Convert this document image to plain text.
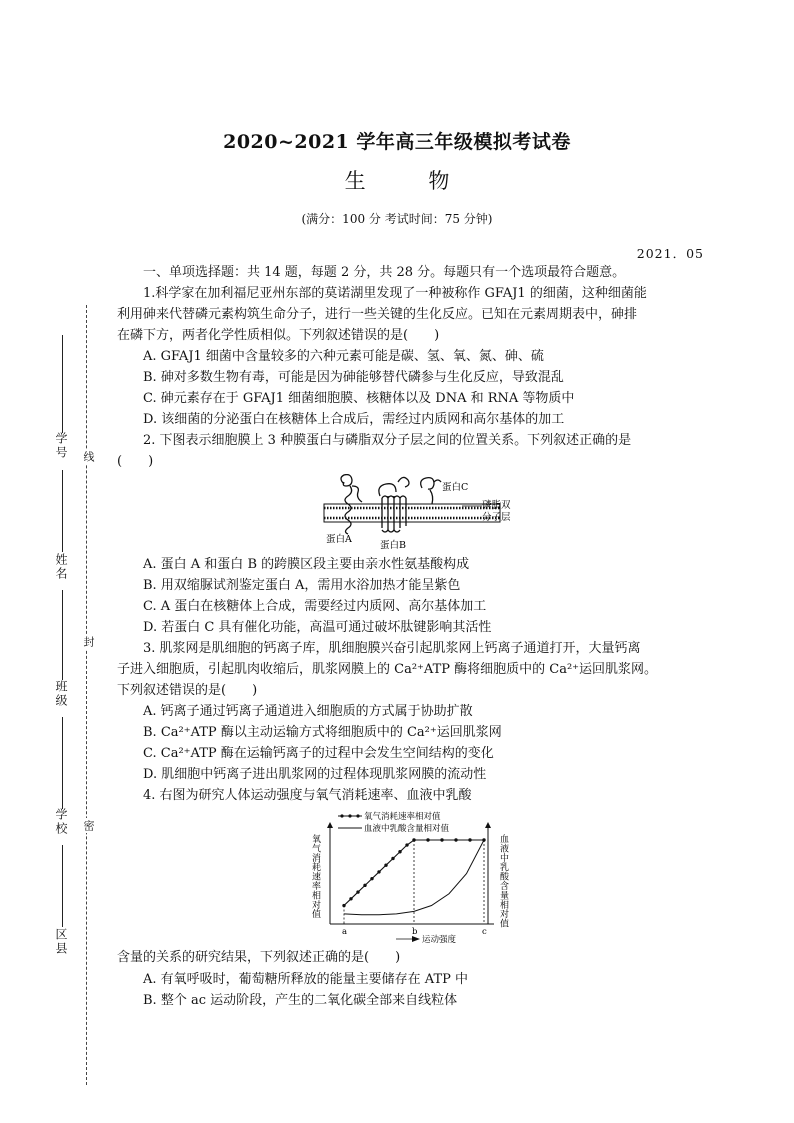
2020~2021 学年高三年级模拟考试卷
生 物
(满分：100 分 考试时间：75 分钟)
2021．05
学号
姓名
班级
学校
区县
线
封
密
一、单项选择题：共 14 题，每题 2 分，共 28 分。每题只有一个选项最符合题意。
1.科学家在加利福尼亚州东部的莫诺湖里发现了一种被称作 GFAJ1 的细菌，这种细菌能
利用砷来代替磷元素构筑生命分子，进行一些关键的生化反应。已知在元素周期表中，砷排
在磷下方，两者化学性质相似。下列叙述错误的是(　　)
A. GFAJ1 细菌中含量较多的六种元素可能是碳、氢、氧、氮、砷、硫
B. 砷对多数生物有毒，可能是因为砷能够替代磷参与生化反应，导致混乱
C. 砷元素存在于 GFAJ1 细菌细胞膜、核糖体以及 DNA 和 RNA 等物质中
D. 该细菌的分泌蛋白在核糖体上合成后，需经过内质网和高尔基体的加工
2. 下图表示细胞膜上 3 种膜蛋白与磷脂双分子层之间的位置关系。下列叙述正确的是
(　　)
蛋白C
磷脂双
分子层
蛋白A
蛋白B
A. 蛋白 A 和蛋白 B 的跨膜区段主要由亲水性氨基酸构成
B. 用双缩脲试剂鉴定蛋白 A，需用水浴加热才能呈紫色
C. A 蛋白在核糖体上合成，需要经过内质网、高尔基体加工
D. 若蛋白 C 具有催化功能，高温可通过破坏肽键影响其活性
3. 肌浆网是肌细胞的钙离子库，肌细胞膜兴奋引起肌浆网上钙离子通道打开，大量钙离
子进入细胞质，引起肌肉收缩后，肌浆网膜上的 Ca²⁺ATP 酶将细胞质中的 Ca²⁺运回肌浆网。
下列叙述错误的是(　　)
A. 钙离子通过钙离子通道进入细胞质的方式属于协助扩散
B. Ca²⁺ATP 酶以主动运输方式将细胞质中的 Ca²⁺运回肌浆网
C. Ca²⁺ATP 酶在运输钙离子的过程中会发生空间结构的变化
D. 肌细胞中钙离子进出肌浆网的过程体现肌浆网膜的流动性
4. 右图为研究人体运动强度与氧气消耗速率、血液中乳酸
氧气消耗速率相对值
血液中乳酸含量相对值
氧气消耗速率相对值
血液中乳酸含量相对值
a	b	c
运动强度
含量的关系的研究结果，下列叙述正确的是(　　)
A. 有氧呼吸时，葡萄糖所释放的能量主要储存在 ATP 中
B. 整个 ac 运动阶段，产生的二氧化碳全部来自线粒体
